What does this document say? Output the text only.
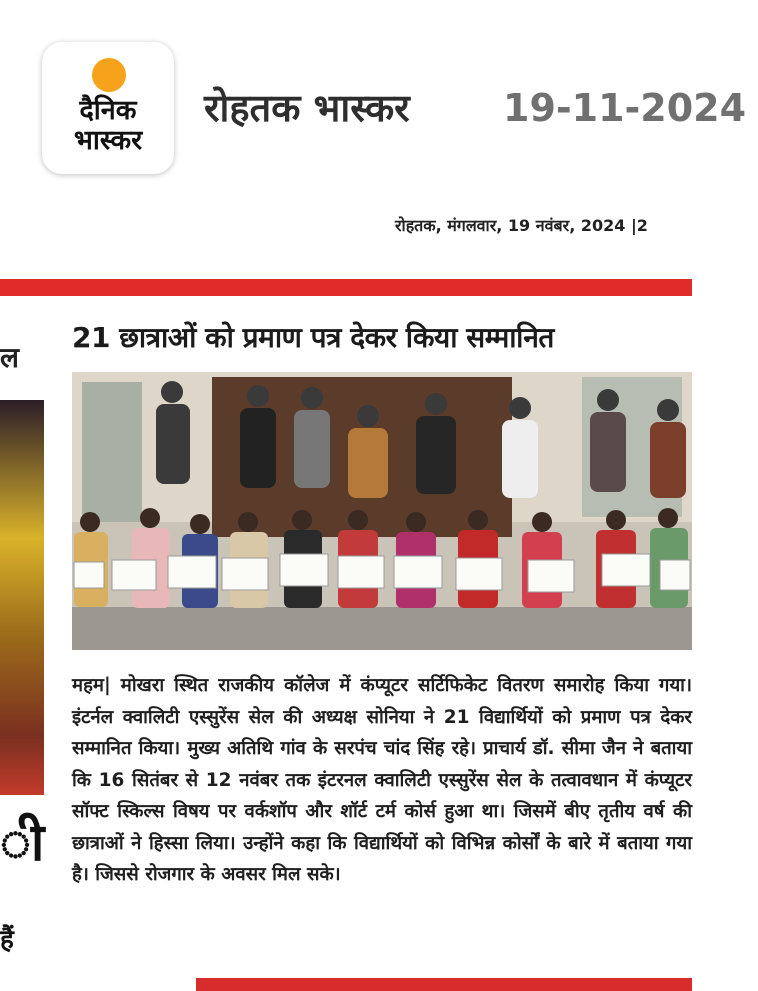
दैनिक
भास्कर
रोहतक भास्कर 19-11-2024
रोहतक, मंगलवार, 19 नवंबर, 2024 |2
ल
ी
हैं
21 छात्राओं को प्रमाण पत्र देकर किया सम्मानित
महम| मोखरा स्थित राजकीय कॉलेज में कंप्यूटर सर्टिफिकेट वितरण समारोह किया गया। इंटर्नल क्वालिटी एस्सुरेंस सेल की अध्यक्ष सोनिया ने 21 विद्यार्थियों को प्रमाण पत्र देकर सम्मानित किया। मुख्य अतिथि गांव के सरपंच चांद सिंह रहे। प्राचार्य डॉ. सीमा जैन ने बताया कि 16 सितंबर से 12 नवंबर तक इंटरनल क्वालिटी एस्सुरेंस सेल के तत्वावधान में कंप्यूटर सॉफ्ट स्किल्स विषय पर वर्कशॉप और शॉर्ट टर्म कोर्स हुआ था। जिसमें बीए तृतीय वर्ष की छात्राओं ने हिस्सा लिया। उन्होंने कहा कि विद्यार्थियों को विभिन्न कोर्सों के बारे में बताया गया है। जिससे रोजगार के अवसर मिल सके।
